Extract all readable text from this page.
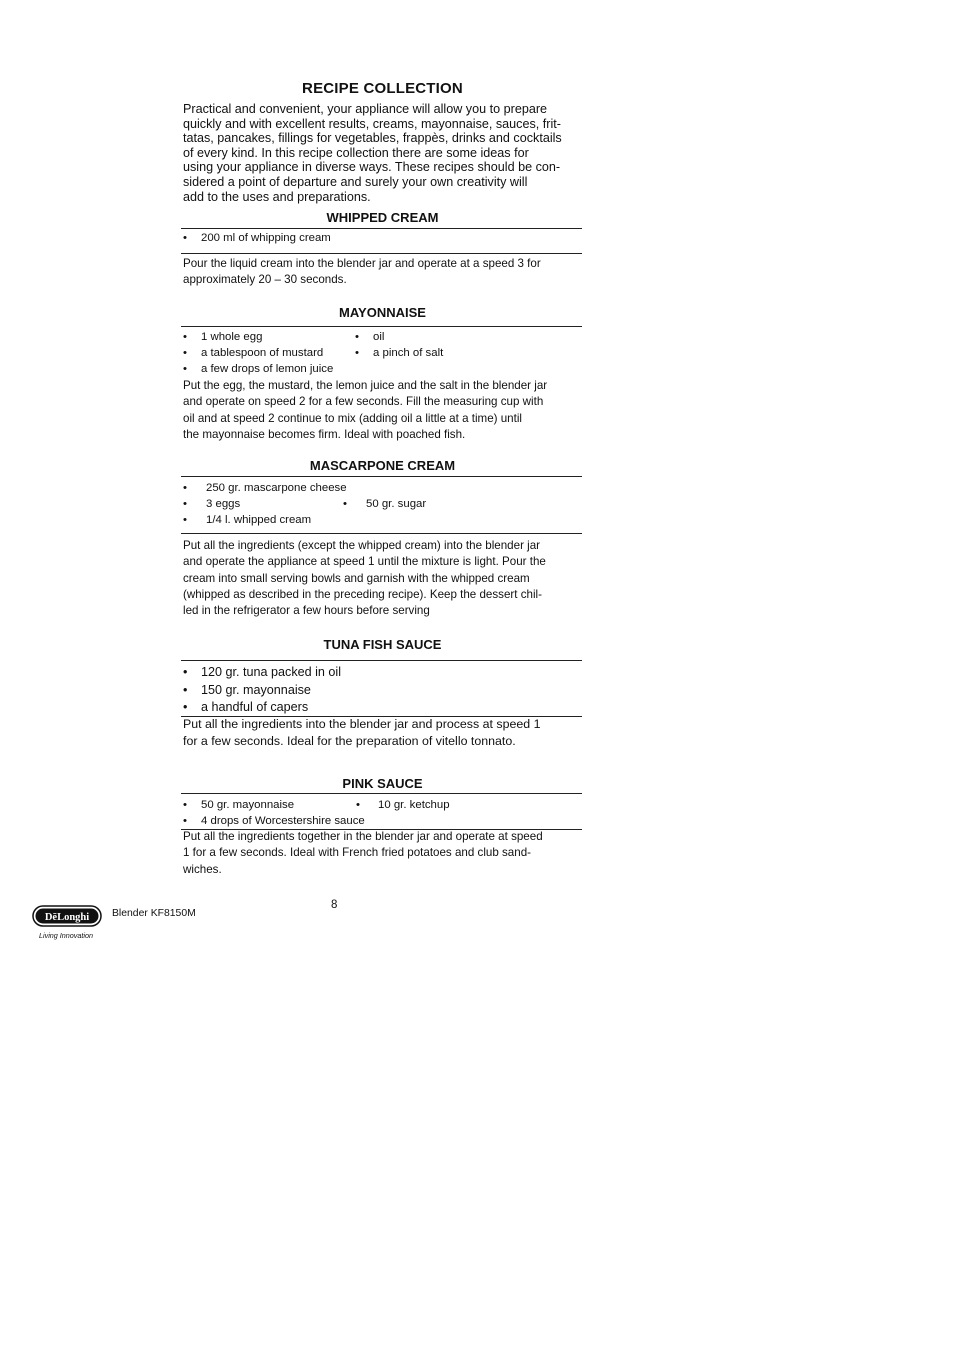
RECIPE COLLECTION

Practical and convenient, your appliance will allow you to prepare

quickly and with excellent results, creams, mayonnaise, sauces, frit-

tatas, pancakes, fillings for vegetables, frappès, drinks and cocktails

of every kind. In this recipe collection there are some ideas for

using your appliance in diverse ways. These recipes should be con-

sidered a point of departure and surely your own creativity will

add to the uses and preparations.

WHIPPED CREAM
• 200 ml of whipping cream
Pour the liquid cream into the blender jar and operate at a speed 3 for
approximately 20 – 30 seconds.
MAYONNAISE
• 1 whole egg
• a tablespoon of mustard
• a few drops of lemon juice
• oil
• a pinch of salt
Put the egg, the mustard, the lemon juice and the salt in the blender jar
and operate on speed 2 for a few seconds. Fill the measuring cup with
oil and at speed 2 continue to mix (adding oil a little at a time) until
the mayonnaise becomes firm. Ideal with poached fish.
MASCARPONE CREAM
• 250 gr. mascarpone cheese
• 3 eggs
• 1/4 l. whipped cream
• 50 gr. sugar
Put all the ingredients (except the whipped cream) into the blender jar
and operate the appliance at speed 1 until the mixture is light. Pour the
cream into small serving bowls and garnish with the whipped cream
(whipped as described in the preceding recipe). Keep the dessert chil-
led in the refrigerator a few hours before serving
TUNA FISH SAUCE
• 120 gr. tuna packed in oil
• 150 gr. mayonnaise
• a handful of capers
Put all the ingredients into the blender jar and process at speed 1
for a few seconds. Ideal for the preparation of vitello tonnato.
PINK SAUCE
• 50 gr. mayonnaise
• 4 drops of Worcestershire sauce
• 10 gr. ketchup
Put all the ingredients together in the blender jar and operate at speed
1 for a few seconds. Ideal with French fried potatoes and club sand-
wiches.
8
DēLonghi Blender KF8150M
Living Innovation
